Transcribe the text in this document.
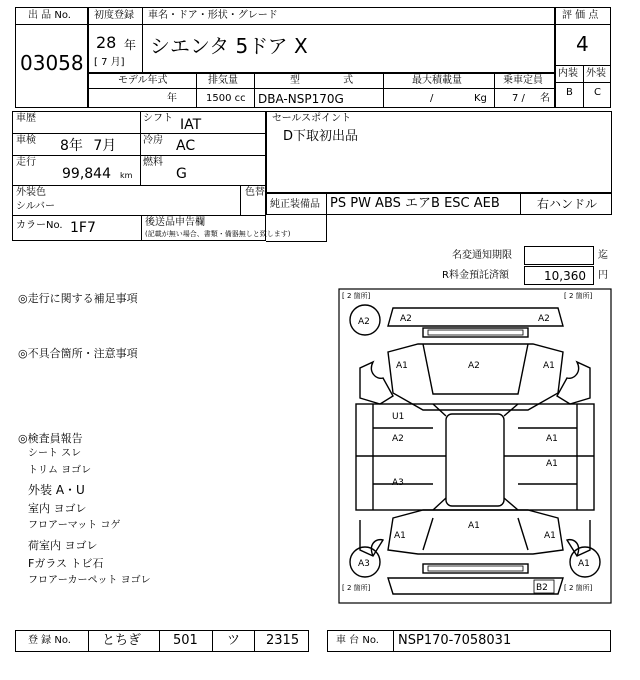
出 品 No.
03058
初度登録
28 年
[ 7 月]
車名・ドア・形状・グレード
シエンタ 5ドア X
評 価 点
4
内装 外装
B C
モデル年式
年
排気量
1500 cc
型 式
DBA-NSP170G
最大積載量
/	Kg
乗車定員
7 / 名
車歴	シフト IAT
車検 8年 7月	冷房 AC
走行
99,844 km
燃料
G
外装色
シルバー
色替
カラーNo. 1F7	後送品申告欄
(記載が無い場合、書類・備器無しと致します)
セールスポイント
D下取初出品
純正装備品 PS PW ABS エアB ESC AEB	右ハンドル
名変通知期限	迄
R料金預託済額	10,360 円
◎走行に関する補足事項
◎不具合箇所・注意事項
◎検査員報告
シート スレ
トリム ヨゴレ
外装 A・U
室内 ヨゴレ
フロアーマット コゲ
荷室内 ヨゴレ
Fガラス トビ石
フロアーカーペット ヨゴレ
[ 2 箇所]	[ 2 箇所]
[ 2 箇所]	[ 2 箇所]
A2	A2	A2
A1	A2	A1
U1
A2	A1
A1
A3
A1
A1	A1
A3	A1
B2
登 録 No. とちぎ 501 ツ 2315	車 台 No. NSP170-7058031
